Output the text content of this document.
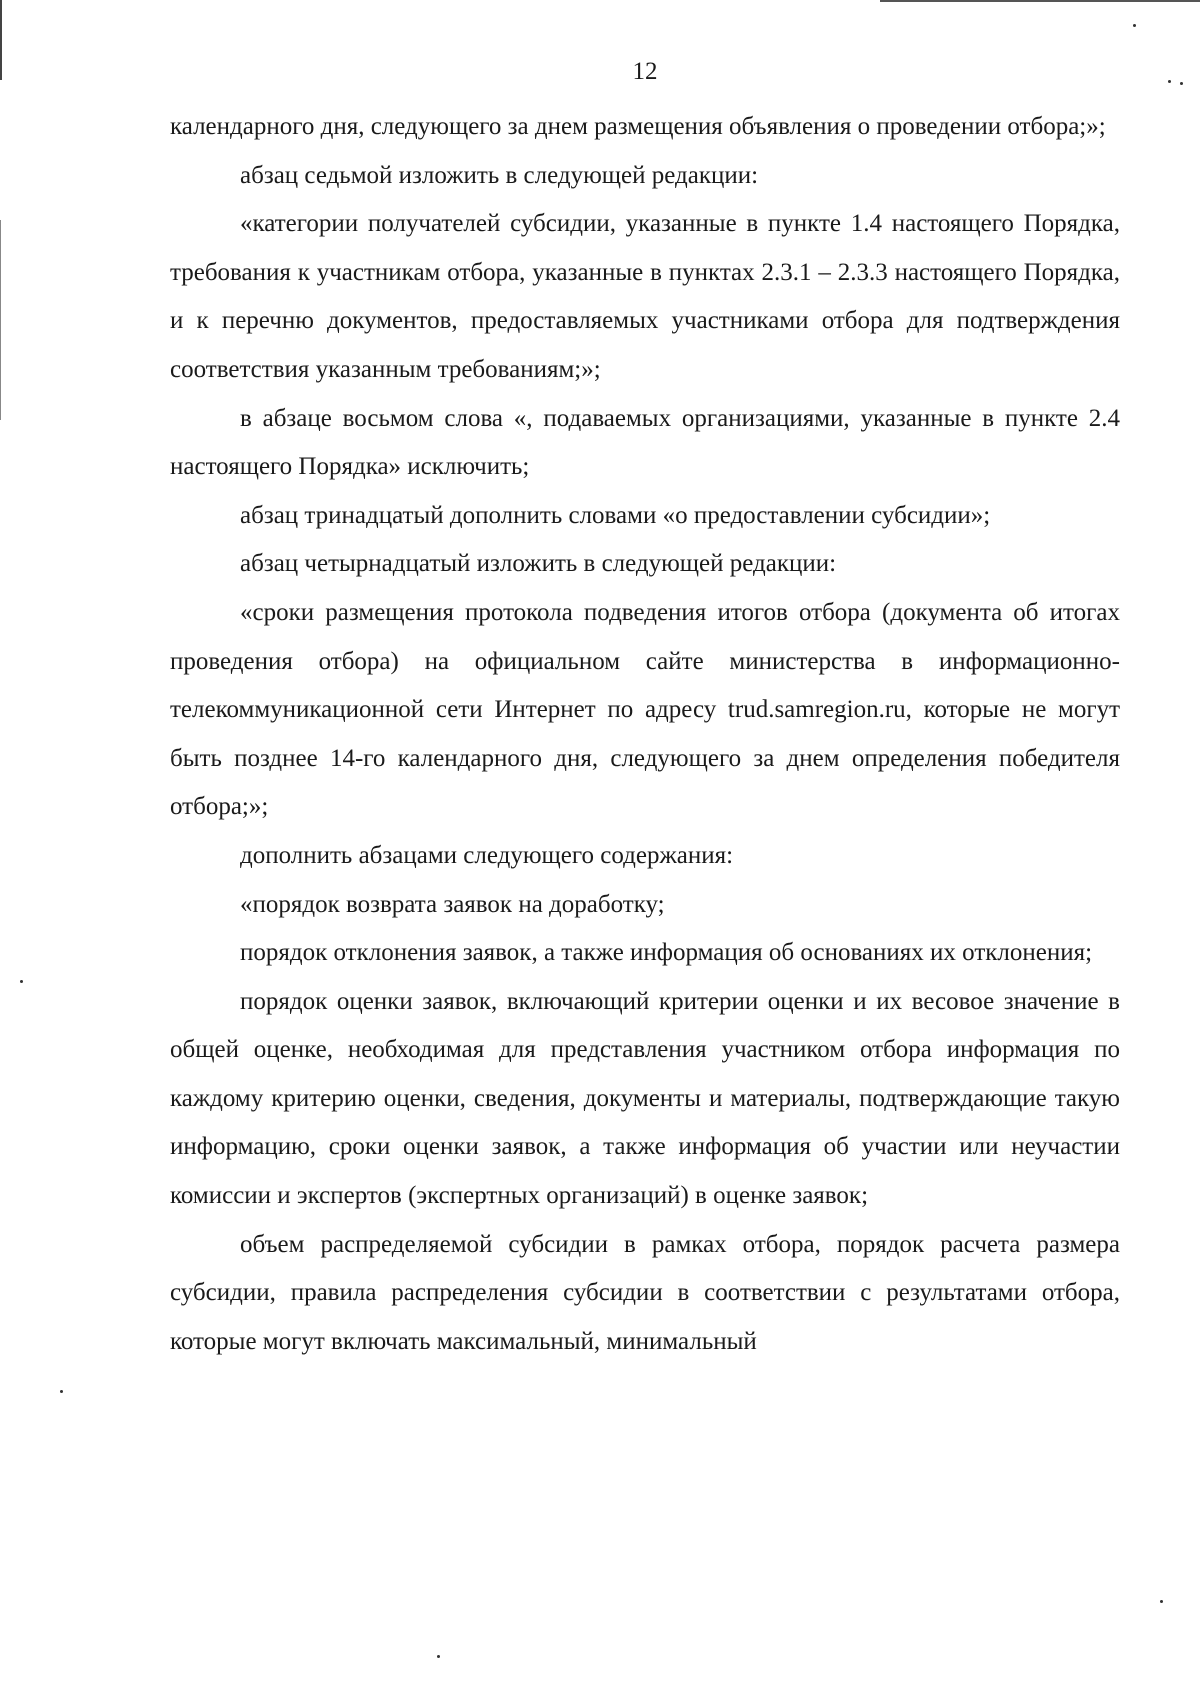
12

календарного дня, следующего за днем размещения объявления о проведении отбора;»;

абзац седьмой изложить в следующей редакции:

«категории получателей субсидии, указанные в пункте 1.4 настоящего Порядка, требования к участникам отбора, указанные в пунктах 2.3.1 – 2.3.3 настоящего Порядка, и к перечню документов, предоставляемых участниками отбора для подтверждения соответствия указанным требованиям;»;

в абзаце восьмом слова «, подаваемых организациями, указанные в пункте 2.4 настоящего Порядка» исключить;

абзац тринадцатый дополнить словами «о предоставлении субсидии»;

абзац четырнадцатый изложить в следующей редакции:

«сроки размещения протокола подведения итогов отбора (документа об итогах проведения отбора) на официальном сайте министерства в информационно-телекоммуникационной сети Интернет по адресу trud.samregion.ru, которые не могут быть позднее 14-го календарного дня, следующего за днем определения победителя отбора;»;

дополнить абзацами следующего содержания:

«порядок возврата заявок на доработку;

порядок отклонения заявок, а также информация об основаниях их отклонения;

порядок оценки заявок, включающий критерии оценки и их весовое значение в общей оценке, необходимая для представления участником отбора информация по каждому критерию оценки, сведения, документы и материалы, подтверждающие такую информацию, сроки оценки заявок, а также информация об участии или неучастии комиссии и экспертов (экспертных организаций) в оценке заявок;

объем распределяемой субсидии в рамках отбора, порядок расчета размера субсидии, правила распределения субсидии в соответствии с результатами отбора, которые могут включать максимальный, минимальный
